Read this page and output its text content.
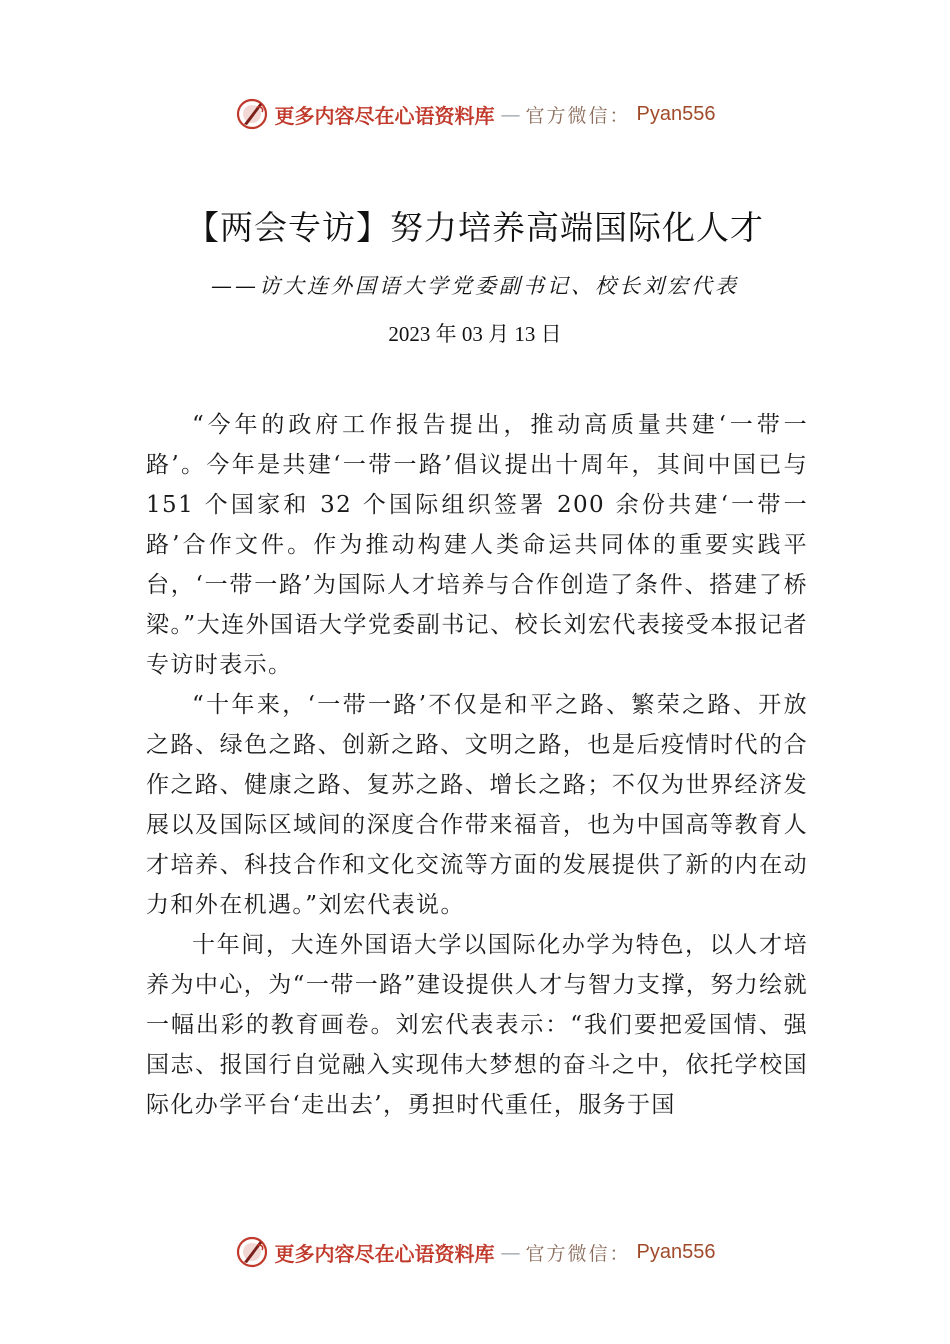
更多内容尽在心语资料库 — 官方微信： Pyan556
【两会专访】努力培养高端国际化人才
——访大连外国语大学党委副书记、校长刘宏代表
2023 年 03 月 13 日

“今年的政府工作报告提出，推动高质量共建‘一带一路’。今年是共建‘一带一路’倡议提出十周年，其间中国已与 151 个国家和 32 个国际组织签署 200 余份共建‘一带一路’合作文件。作为推动构建人类命运共同体的重要实践平台，‘一带一路’为国际人才培养与合作创造了条件、搭建了桥梁。”大连外国语大学党委副书记、校长刘宏代表接受本报记者专访时表示。

“十年来，‘一带一路’不仅是和平之路、繁荣之路、开放之路、绿色之路、创新之路、文明之路，也是后疫情时代的合作之路、健康之路、复苏之路、增长之路；不仅为世界经济发展以及国际区域间的深度合作带来福音，也为中国高等教育人才培养、科技合作和文化交流等方面的发展提供了新的内在动力和外在机遇。”刘宏代表说。

十年间，大连外国语大学以国际化办学为特色，以人才培养为中心，为“一带一路”建设提供人才与智力支撑，努力绘就一幅出彩的教育画卷。刘宏代表表示：“我们要把爱国情、强国志、报国行自觉融入实现伟大梦想的奋斗之中，依托学校国际化办学平台‘走出去’，勇担时代重任，服务于国

更多内容尽在心语资料库 — 官方微信： Pyan556
